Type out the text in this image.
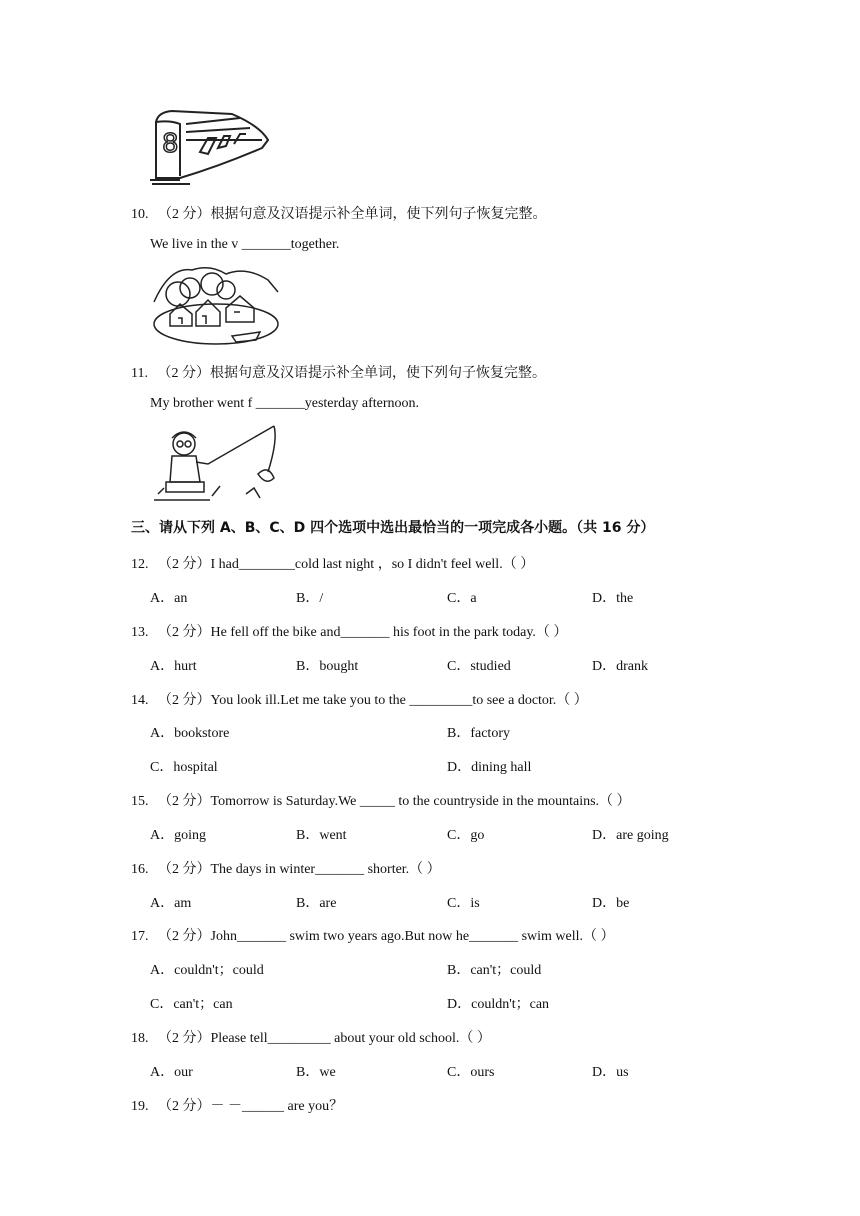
8
10. （2 分）根据句意及汉语提示补全单词，使下列句子恢复完整。
We live in the v _______together.
11. （2 分）根据句意及汉语提示补全单词，使下列句子恢复完整。
My brother went f _______yesterday afternoon.
三、请从下列 A、B、C、D 四个选项中选出最恰当的一项完成各小题。（共 16 分）
12. （2 分）I had________cold last night ，so I didn't feel well.（ ）
A．an	B．/	C．a	D．the
13. （2 分）He fell off the bike and_______ his foot in the park today.（ ）
A．hurt	B．bought	C．studied	D．drank
14. （2 分）You look ill.Let me take you to the _________to see a doctor.（ ）
A．bookstore	B．factory
C．hospital	D．dining hall
15. （2 分）Tomorrow is Saturday.We _____ to the countryside in the mountains.（ ）
A．going	B．went	C．go	D．are going
16. （2 分）The days in winter_______ shorter.（ ）
A．am	B．are	C．is	D．be
17. （2 分）John_______ swim two years ago.But now he_______ swim well.（ ）
A．couldn't；could	B．can't；could
C．can't；can	D．couldn't；can
18. （2 分）Please tell_________ about your old school.（ ）
A．our	B．we	C．ours	D．us
19. （2 分）－ －______ are you？
